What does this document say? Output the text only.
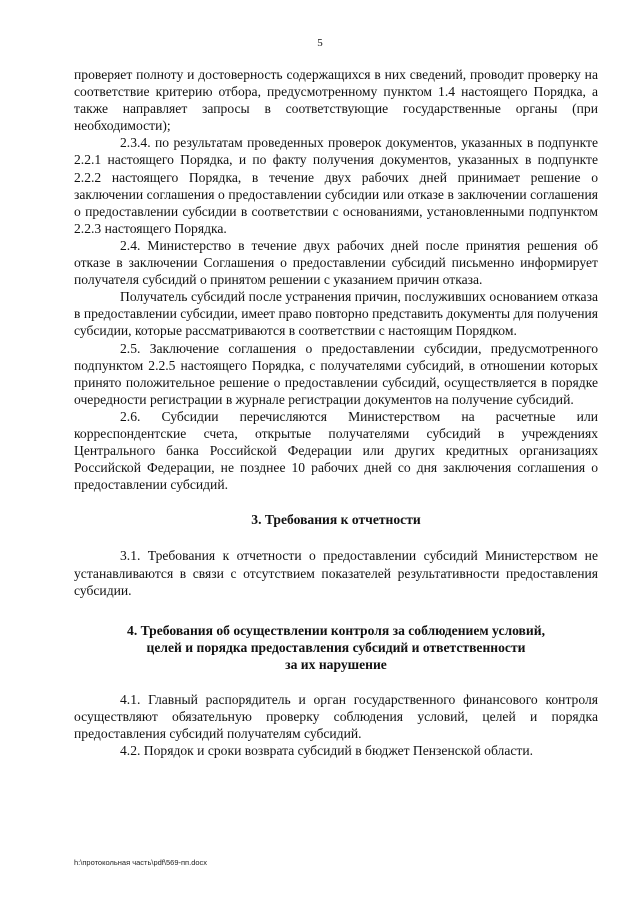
5

проверяет полноту и достоверность содержащихся в них сведений, проводит проверку на соответствие критерию отбора, предусмотренному пунктом 1.4 настоящего Порядка, а также направляет запросы в соответствующие государственные органы (при необходимости);

2.3.4. по результатам проведенных проверок документов, указанных в подпункте 2.2.1 настоящего Порядка, и по факту получения документов, указанных в подпункте 2.2.2 настоящего Порядка, в течение двух рабочих дней принимает решение о заключении соглашения о предоставлении субсидии или отказе в заключении соглашения о предоставлении субсидии в соответствии с основаниями, установленными подпунктом 2.2.3 настоящего Порядка.

2.4. Министерство в течение двух рабочих дней после принятия решения об отказе в заключении Соглашения о предоставлении субсидий письменно информирует получателя субсидий о принятом решении с указанием причин отказа.

Получатель субсидий после устранения причин, послуживших основанием отказа в предоставлении субсидии, имеет право повторно представить документы для получения субсидии, которые рассматриваются в соответствии с настоящим Порядком.

2.5. Заключение соглашения о предоставлении субсидии, предусмотренного подпунктом 2.2.5 настоящего Порядка, с получателями субсидий, в отношении которых принято положительное решение о предоставлении субсидий, осуществляется в порядке очередности регистрации в журнале регистрации документов на получение субсидий.

2.6. Субсидии перечисляются Министерством на расчетные или корреспондентские счета, открытые получателями субсидий в учреждениях Центрального банка Российской Федерации или других кредитных организациях Российской Федерации, не позднее 10 рабочих дней со дня заключения соглашения о предоставлении субсидий.

3. Требования к отчетности

3.1. Требования к отчетности о предоставлении субсидий Министерством не устанавливаются в связи с отсутствием показателей результативности предоставления субсидии.

4. Требования об осуществлении контроля за соблюдением условий,

целей и порядка предоставления субсидий и ответственности

за их нарушение

4.1. Главный распорядитель и орган государственного финансового контроля осуществляют обязательную проверку соблюдения условий, целей и порядка предоставления субсидий получателям субсидий.

4.2. Порядок и сроки возврата субсидий в бюджет Пензенской области.

h:\протокольная часть\pdf\569-пп.docx
